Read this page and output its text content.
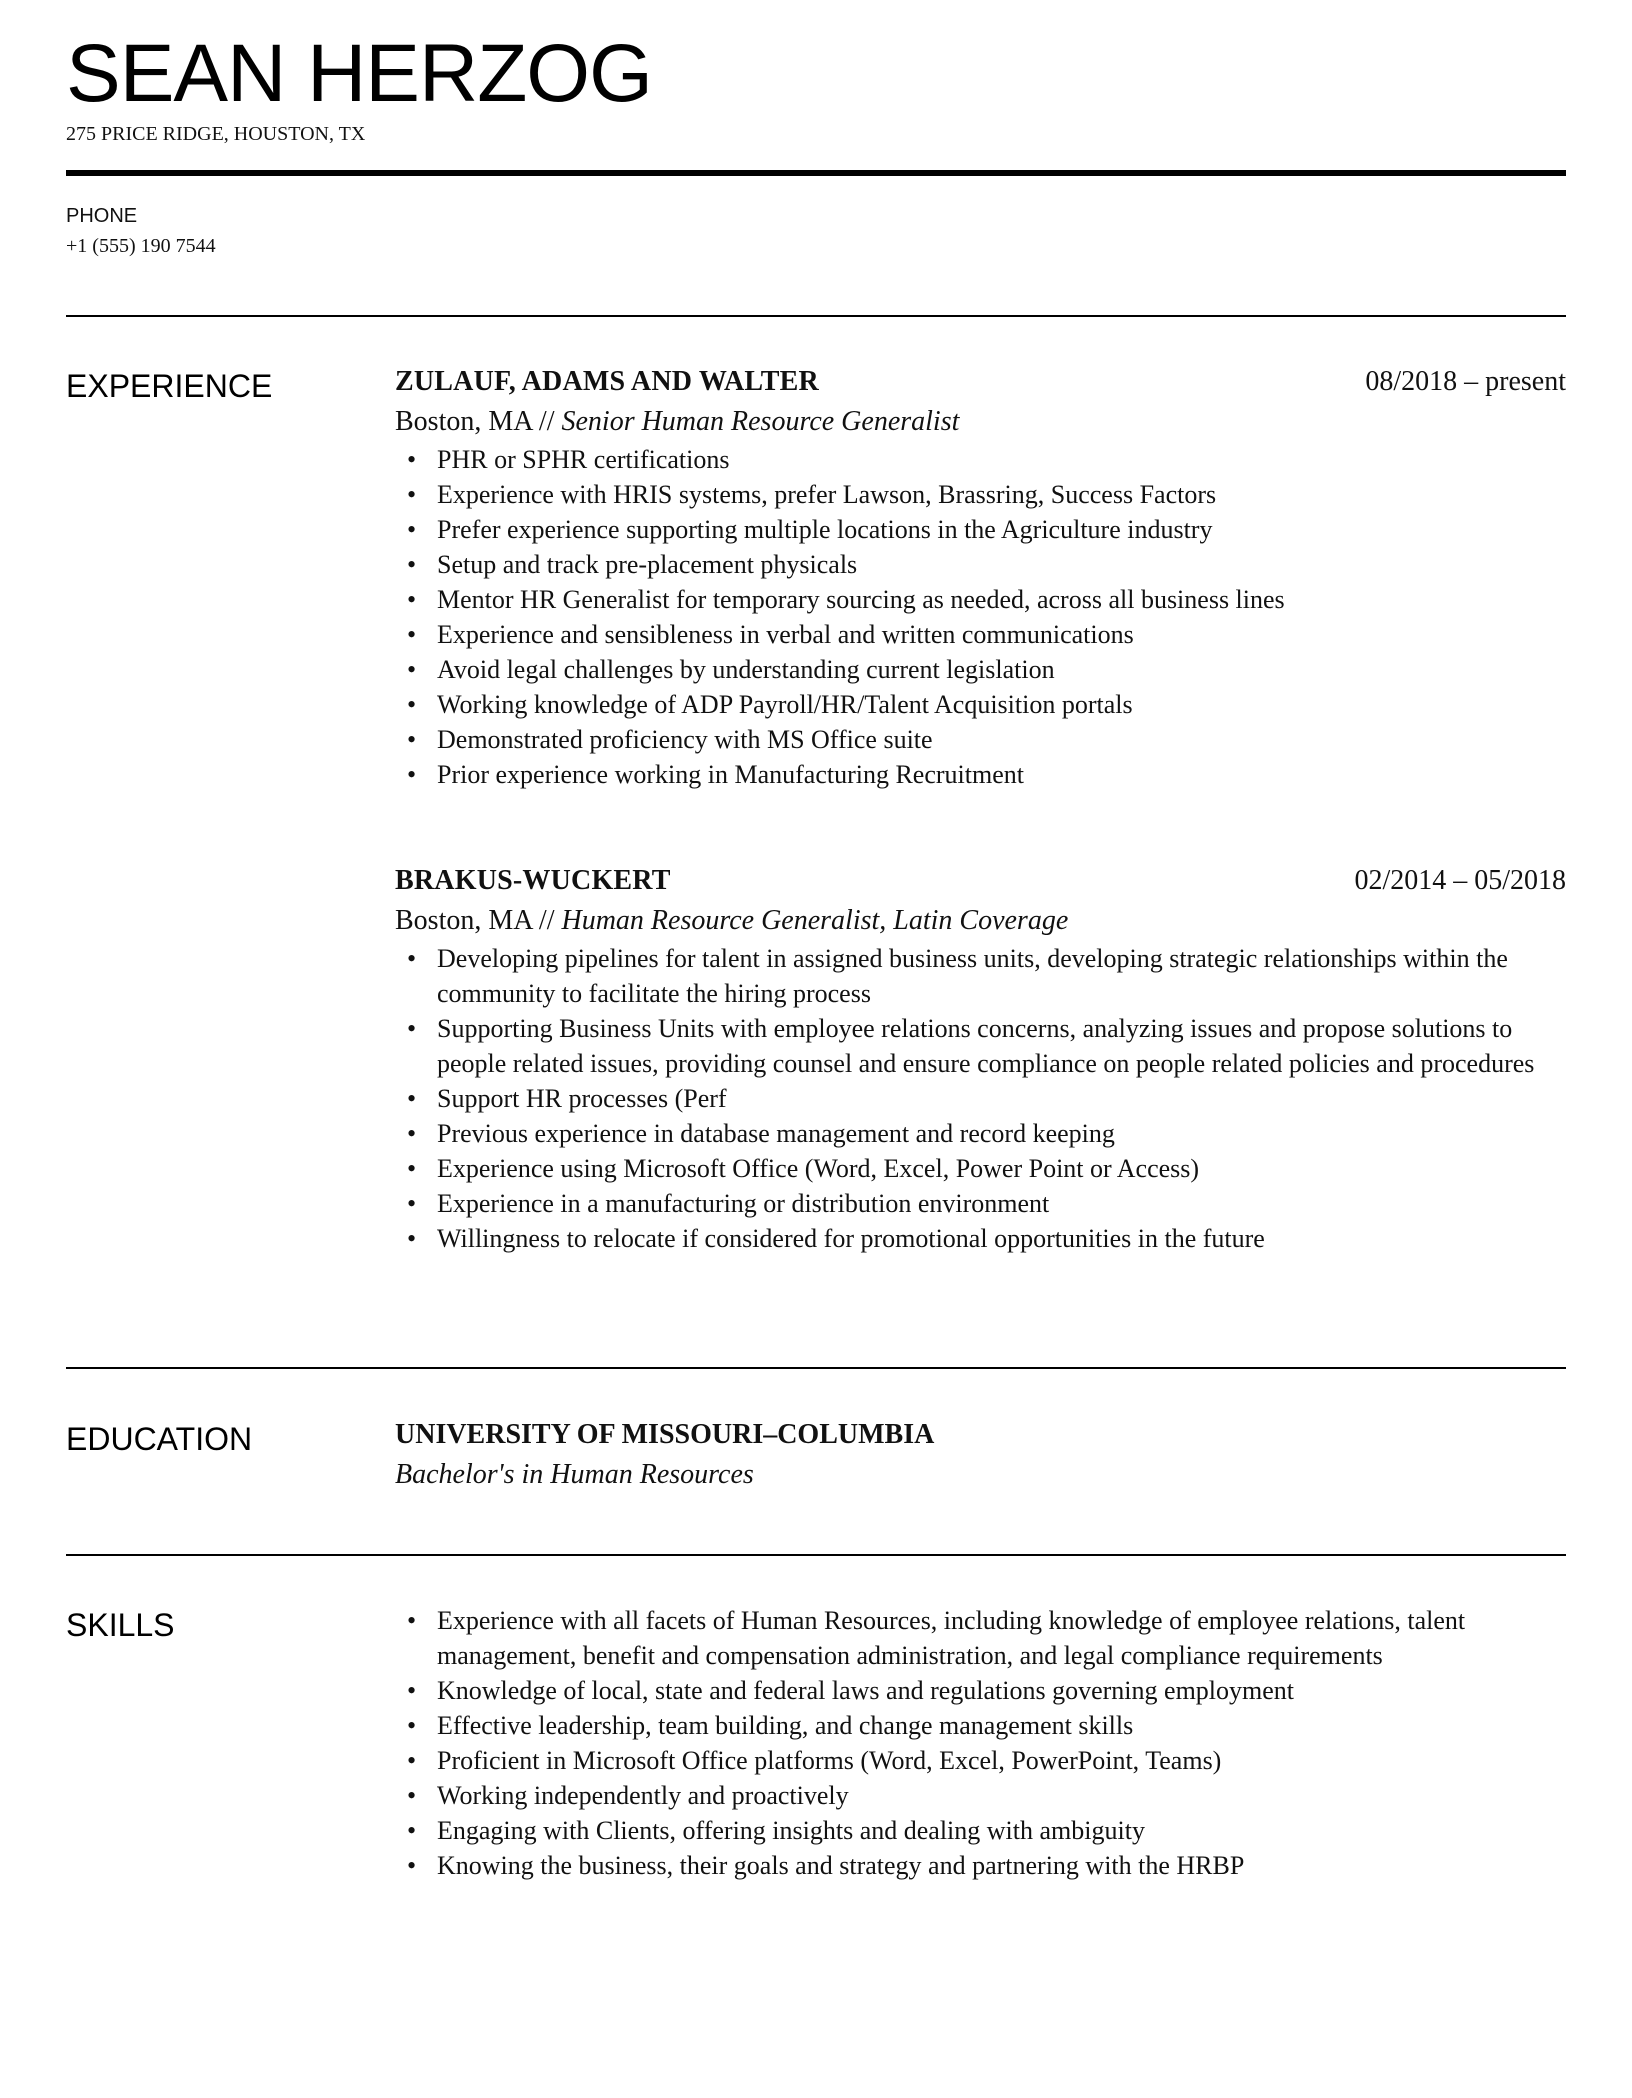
SEAN HERZOG
275 PRICE RIDGE, HOUSTON, TX
PHONE
+1 (555) 190 7544
EXPERIENCE	ZULAUF, ADAMS AND WALTER	08/2018 – present
Boston, MA // Senior Human Resource Generalist
• PHR or SPHR certifications
• Experience with HRIS systems, prefer Lawson, Brassring, Success Factors
• Prefer experience supporting multiple locations in the Agriculture industry
• Setup and track pre-placement physicals
• Mentor HR Generalist for temporary sourcing as needed, across all business lines
• Experience and sensibleness in verbal and written communications
• Avoid legal challenges by understanding current legislation
• Working knowledge of ADP Payroll/HR/Talent Acquisition portals
• Demonstrated proficiency with MS Office suite
• Prior experience working in Manufacturing Recruitment
BRAKUS-WUCKERT	02/2014 – 05/2018
Boston, MA // Human Resource Generalist, Latin Coverage
• Developing pipelines for talent in assigned business units, developing strategic relationships within the community to facilitate the hiring process
• Supporting Business Units with employee relations concerns, analyzing issues and propose solutions to people related issues, providing counsel and ensure compliance on people related policies and procedures
• Support HR processes (Perf
• Previous experience in database management and record keeping
• Experience using Microsoft Office (Word, Excel, Power Point or Access)
• Experience in a manufacturing or distribution environment
• Willingness to relocate if considered for promotional opportunities in the future
EDUCATION	UNIVERSITY OF MISSOURI–COLUMBIA
Bachelor's in Human Resources
SKILLS
•	Experience with all facets of Human Resources, including knowledge of employee relations, talent management, benefit and compensation administration, and legal compliance requirements
• Knowledge of local, state and federal laws and regulations governing employment
• Effective leadership, team building, and change management skills
• Proficient in Microsoft Office platforms (Word, Excel, PowerPoint, Teams)
• Working independently and proactively
• Engaging with Clients, offering insights and dealing with ambiguity
• Knowing the business, their goals and strategy and partnering with the HRBP
